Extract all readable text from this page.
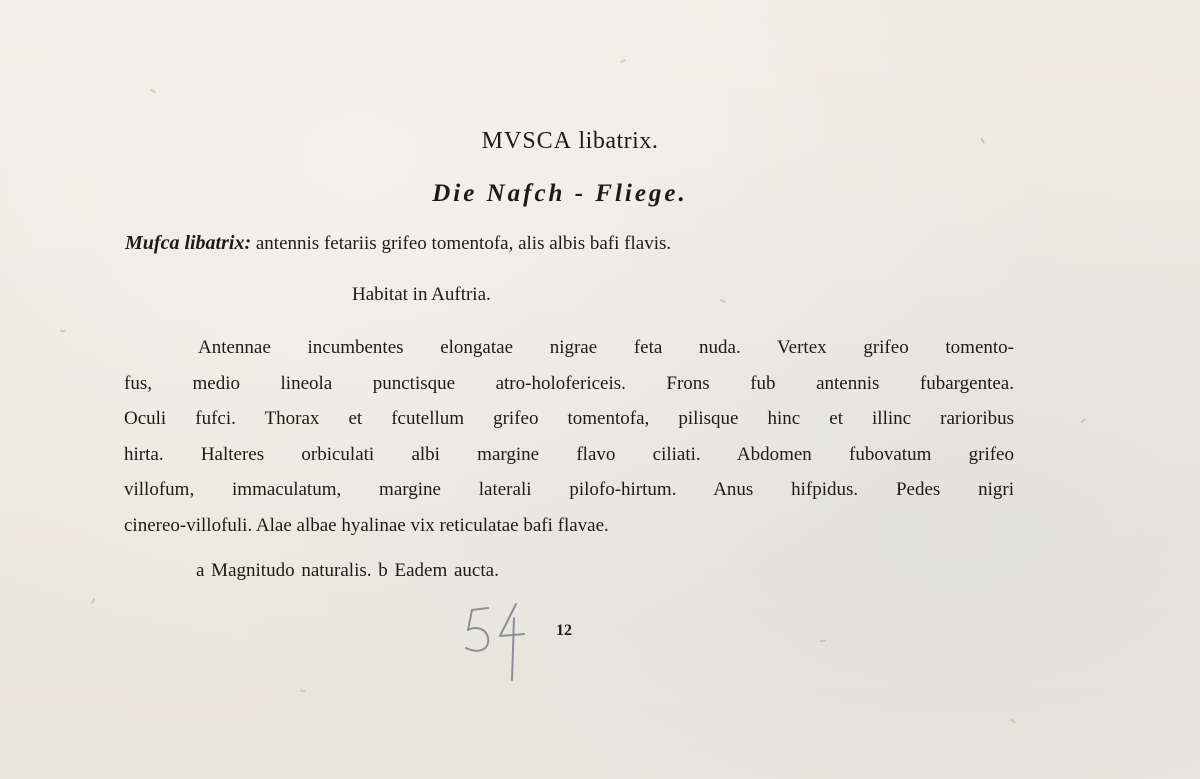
MVSCA libatrix.
Die Nafch - Fliege.
Mufca libatrix: antennis fetariis grifeo tomentofa, alis albis bafi flavis.
Habitat in Auftria.
Antennae incumbentes elongatae nigrae feta nuda. Vertex grifeo tomento-
fus, medio lineola punctisque atro-holofericeis. Frons fub antennis fubargentea.
Oculi fufci. Thorax et fcutellum grifeo tomentofa, pilisque hinc et illinc rarioribus
hirta. Halteres orbiculati albi margine flavo ciliati. Abdomen fubovatum grifeo
villofum, immaculatum, margine laterali pilofo-hirtum. Anus hifpidus. Pedes nigri
cinereo-villofuli. Alae albae hyalinae vix reticulatae bafi flavae.
a Magnitudo naturalis. b Eadem aucta.
12
